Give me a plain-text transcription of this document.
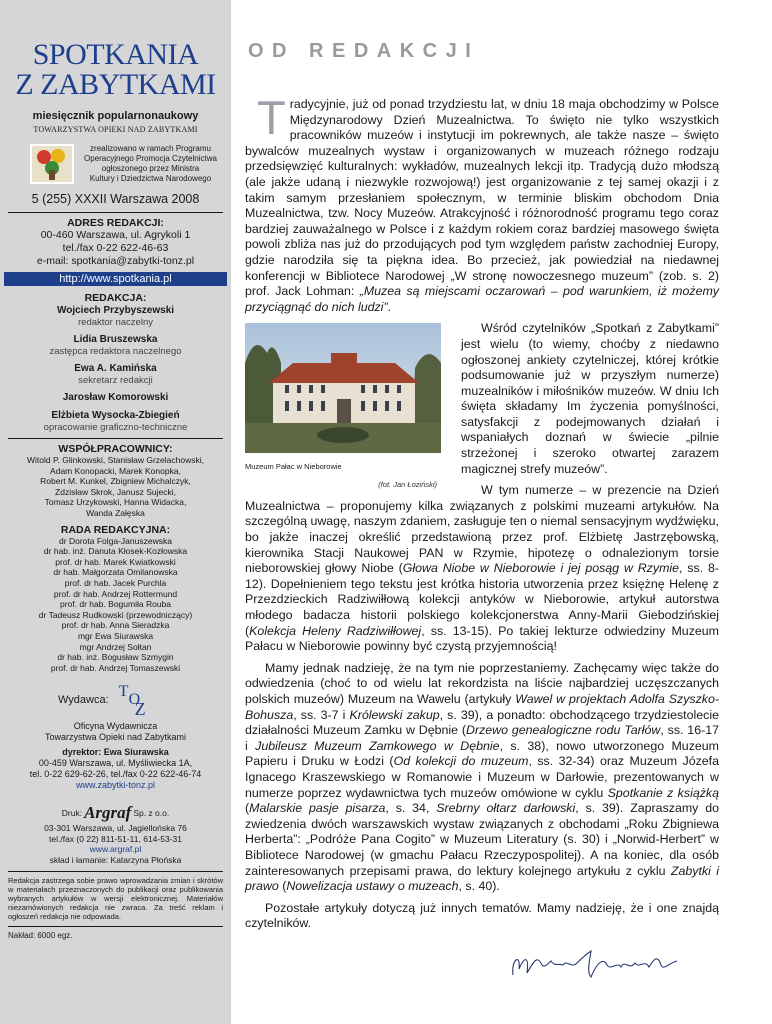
SPOTKANIA
Z ZABYTKAMI
miesięcznik popularnonaukowy
TOWARZYSTWA OPIEKI NAD ZABYTKAMI
zrealizowano w ramach Programu
Operacyjnego Promocja Czytelnictwa
ogłoszonego przez Ministra
Kultury i Dziedzictwa Narodowego
5 (255) XXXII Warszawa 2008
ADRES REDAKCJI:
00-460 Warszawa, ul. Agrykoli 1
tel./fax 0-22 622-46-63
e-mail: spotkania@zabytki-tonz.pl
http://www.spotkania.pl
REDAKCJA:
Wojciech Przybyszewski
redaktor naczelny
Lidia Bruszewska
zastępca redaktora naczelnego
Ewa A. Kamińska
sekretarz redakcji
Jarosław Komorowski
Elżbieta Wysocka-Zbiegień
opracowanie graficzno-techniczne
WSPÓŁPRACOWNICY:
Witold P. Glinkowski, Stanisław Grzelachowski,
Adam Konopacki, Marek Konopka,
Robert M. Kunkel, Zbigniew Michalczyk,
Zdzisław Skrok, Janusz Sujecki,
Tomasz Urzykowski, Hanna Widacka,
Wanda Załęska
RADA REDAKCYJNA:
dr Dorota Folga-Januszewska
dr hab. inż. Danuta Kłosek-Kozłowska
prof. dr hab. Marek Kwiatkowski
dr hab. Małgorzata Omilanowska
prof. dr hab. Jacek Purchla
prof. dr hab. Andrzej Rottermund
prof. dr hab. Bogumiła Rouba
dr Tadeusz Rudkowski (przewodniczący)
prof. dr hab. Anna Sieradzka
mgr Ewa Siurawska
mgr Andrzej Sołtan
dr hab. inż. Bogusław Szmygin
prof. dr hab. Andrzej Tomaszewski
Wydawca: T O
Z
Oficyna Wydawnicza
Towarzystwa Opieki nad Zabytkami
dyrektor: Ewa Siurawska
00-459 Warszawa, ul. Myśliwiecka 1A,
tel. 0-22 629-62-26, tel./fax 0-22 622-46-74
www.zabytki-tonz.pl
Druk: Argraf Sp. z o.o.
03-301 Warszawa, ul. Jagiellońska 76
tel./fax (0 22) 811-51-11, 614-53-31
www.argraf.pl
skład i łamanie: Katarzyna Płońska
Redakcja zastrzega sobie prawo wprowadzania zmian i skrótów w materiałach przeznaczonych do publikacji oraz publikowania wybranych artykułów w wersji elektronicznej. Materiałów niezamówionych redakcja nie zwraca. Za treść reklam i ogłoszeń redakcja nie odpowiada.
Nakład: 6000 egz.
OD REDAKCJI

Tradycyjnie, już od ponad trzydziestu lat, w dniu 18 maja obchodzimy w Polsce Międzynarodowy Dzień Muzealnictwa. To święto nie tylko wszystkich pracowników muzeów i instytucji im pokrewnych, ale także nasze – święto bywalców muzealnych wystaw i organizowanych w muzeach różnego rodzaju przedsięwzięć kulturalnych: wykładów, muzealnych lekcji itp. Tradycją dużo młodszą (ale jakże udaną i niezwykle rozwojową!) jest organizowanie z tej samej okazji i z takim samym przesłaniem społecznym, w terminie bliskim obchodom Dnia Muzealnictwa, tzw. Nocy Muzeów. Atrakcyjność i różnorodność programu tego coraz bardziej zauważalnego w Polsce i z każdym rokiem coraz bardziej masowego święta powoli zbliża nas już do przodujących pod tym względem państw zachodniej Europy, gdzie narodziła się ta piękna idea. Bo przecież, jak powiedział na niedawnej konferencji w Bibliotece Narodowej „W stronę nowoczesnego muzeum” (zob. s. 2) prof. Jack Lohman: „Muzea są miejscami oczarowań – pod warunkiem, iż możemy przyciągnąć do nich ludzi”.

Muzeum Pałac w Nieborowie
(fot. Jan Łoziński)

Wśród czytelników „Spotkań z Zabytkami” jest wielu (to wiemy, choćby z niedawno ogłoszonej ankiety czytelniczej, której krótkie podsumowanie już w przyszłym numerze) muzealników i miłośników muzeów. W dniu Ich święta składamy Im życzenia pomyślności, satysfakcji z podejmowanych działań i wspaniałych doznań w świecie „pilnie strzeżonej i szeroko otwartej zarazem magicznej strefy muzeów”.

W tym numerze – w prezencie na Dzień Muzealnictwa – proponujemy kilka związanych z polskimi muzeami artykułów. Na szczególną uwagę, naszym zdaniem, zasługuje ten o niemal sensacyjnym wydźwięku, bo jakże inaczej określić przedstawioną przez prof. Elżbietę Jastrzębowską, kierownika Stacji Naukowej PAN w Rzymie, hipotezę o odnalezionym torsie nieborowskiej głowy Niobe (Głowa Niobe w Nieborowie i jej posąg w Rzymie, ss. 8-12). Dopełnieniem tego tekstu jest krótka historia utworzenia przez księżnę Helenę z Przezdzieckich Radziwiłłową kolekcji antyków w Nieborowie, artykuł autorstwa młodego badacza historii polskiego kolekcjonerstwa Anny-Marii Giebodzińskiej (Kolekcja Heleny Radziwiłłowej, ss. 13-15). Po takiej lekturze odwiedziny Muzeum Pałacu w Nieborowie powinny być czystą przyjemnością!

Mamy jednak nadzieję, że na tym nie poprzestaniemy. Zachęcamy więc także do odwiedzenia (choć to od wielu lat rekordzista na liście najbardziej uczęszczanych polskich muzeów) Muzeum na Wawelu (artykuły Wawel w projektach Adolfa Szyszko-Bohusza, ss. 3-7 i Królewski zakup, s. 39), a ponadto: obchodzącego trzydziestolecie działalności Muzeum Zamku w Dębnie (Drzewo genealogiczne rodu Tarłów, ss. 16-17 i Jubileusz Muzeum Zamkowego w Dębnie, s. 38), nowo utworzonego Muzeum Papieru i Druku w Łodzi (Od kolekcji do muzeum, ss. 32-34) oraz Muzeum Józefa Ignacego Kraszewskiego w Romanowie i Muzeum w Darłowie, prezentowanych w numerze poprzez wydawnictwa tych muzeów omówione w cyklu Spotkanie z książką (Malarskie pasje pisarza, s. 34, Srebrny ołtarz darłowski, s. 39). Zapraszamy do zwiedzenia dwóch warszawskich wystaw związanych z obchodami „Roku Zbigniewa Herberta”: „Podróże Pana Cogito” w Muzeum Literatury (s. 30) i „Norwid-Herbert” w Bibliotece Narodowej (w gmachu Pałacu Rzeczypospolitej). A na koniec, dla osób zainteresowanych przepisami prawa, do lektury kolejnego artykułu z cyklu Zabytki i prawo (Nowelizacja ustawy o muzeach, s. 40).

Pozostałe artykuły dotyczą już innych tematów. Mamy nadzieję, że i one znajdą czytelników.
